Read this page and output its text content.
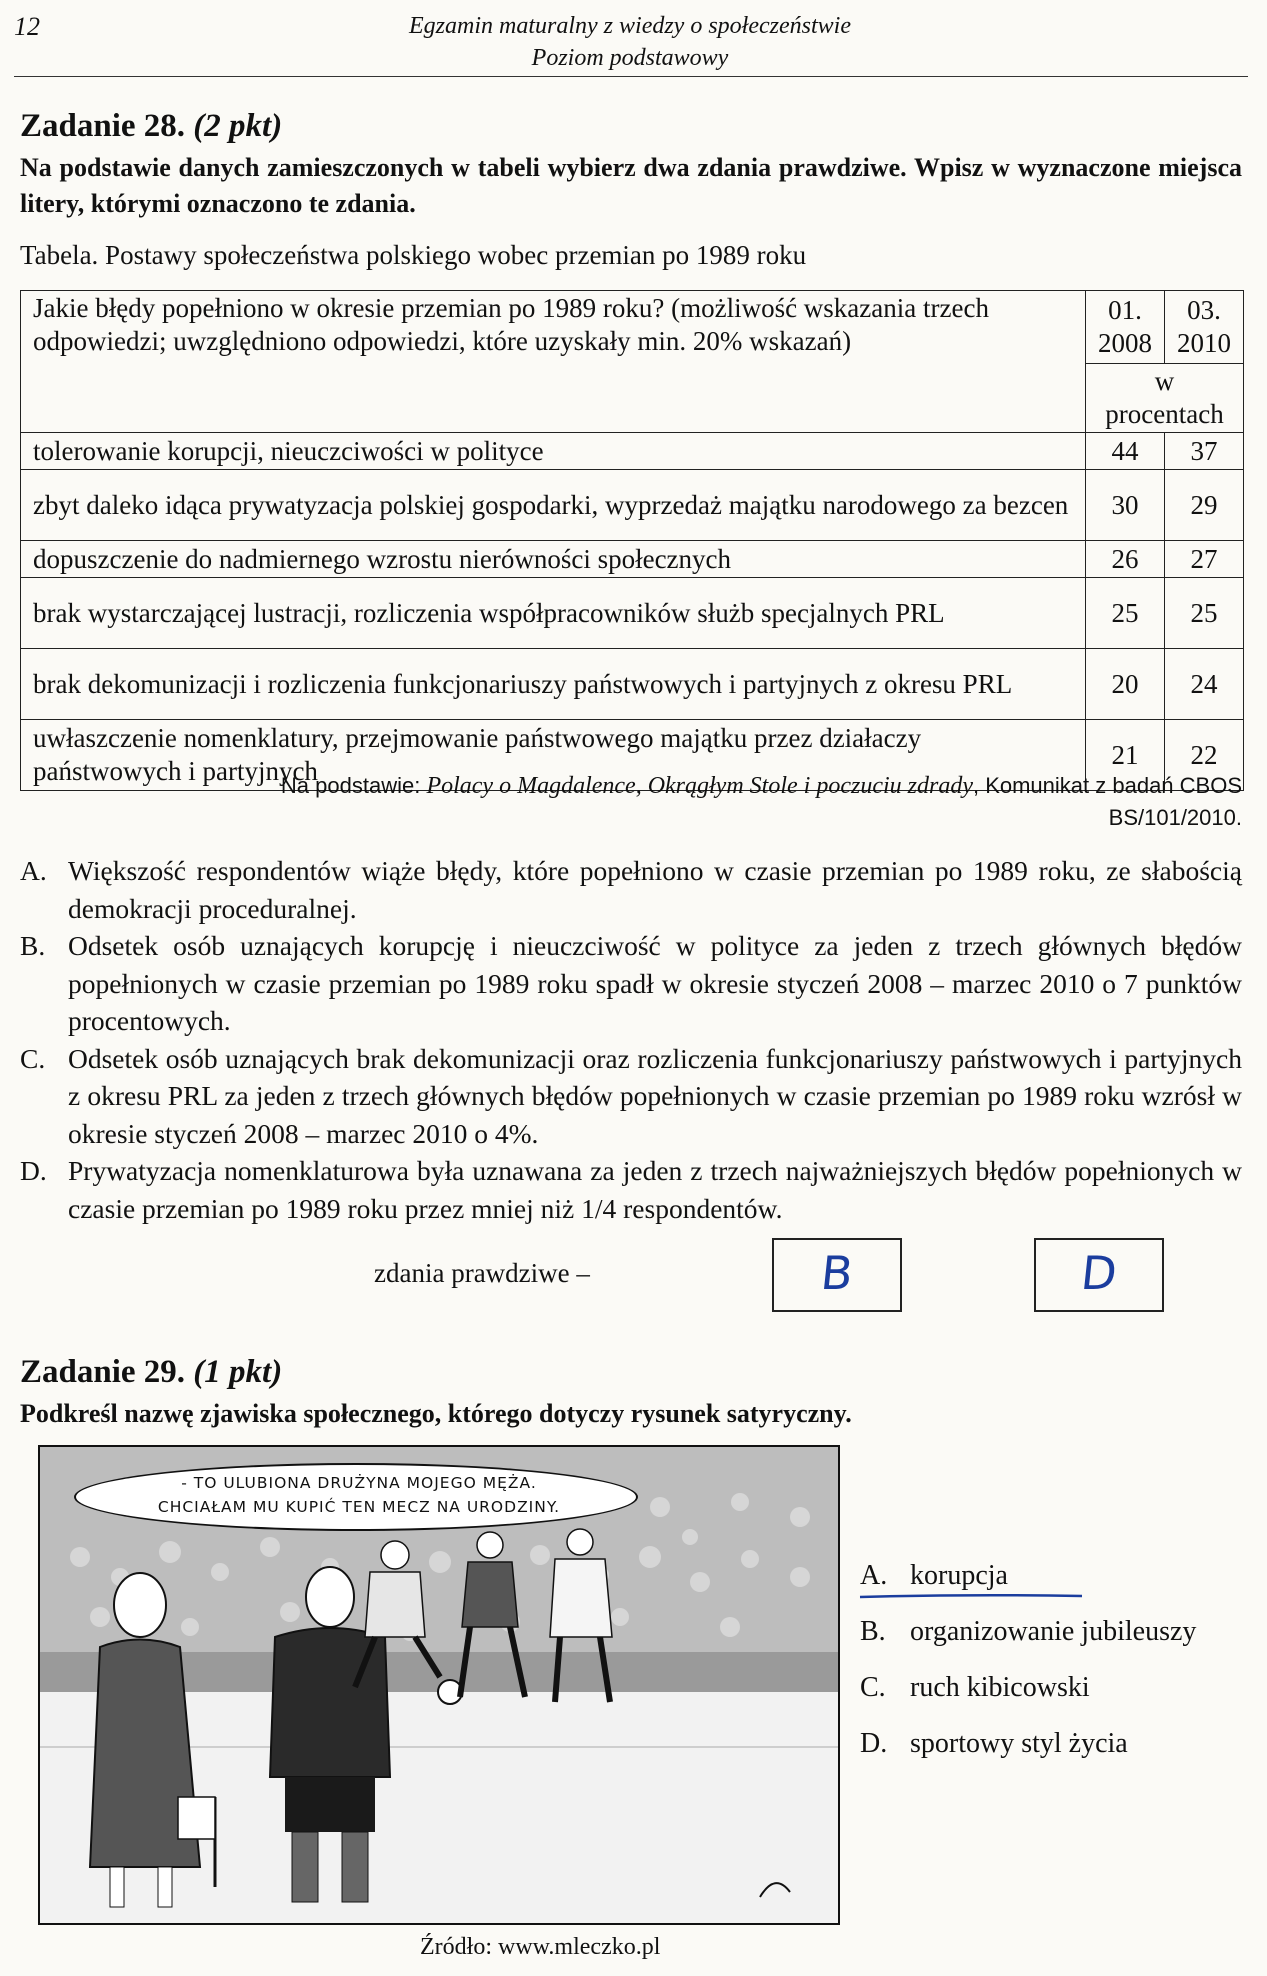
12	Egzamin maturalny z wiedzy o społeczeństwie
Poziom podstawowy
Zadanie 28. (2 pkt)
Na podstawie danych zamieszczonych w tabeli wybierz dwa zdania prawdziwe. Wpisz w wyznaczone miejsca litery, którymi oznaczono te zdania.
Tabela. Postawy społeczeństwa polskiego wobec przemian po 1989 roku
Jakie błędy popełniono w okresie przemian po 1989 roku? (możliwość wskazania trzech odpowiedzi; uwzględniono odpowiedzi, które uzyskały min. 20% wskazań)	01. 2008	03. 2010
	w procentach	
tolerowanie korupcji, nieuczciwości w polityce	44	37
zbyt daleko idąca prywatyzacja polskiej gospodarki, wyprzedaż majątku narodowego za bezcen	30	29
dopuszczenie do nadmiernego wzrostu nierówności społecznych	26	27
brak wystarczającej lustracji, rozliczenia współpracowników służb specjalnych PRL	25	25
brak dekomunizacji i rozliczenia funkcjonariuszy państwowych i partyjnych z okresu PRL	20	24
uwłaszczenie nomenklatury, przejmowanie państwowego majątku przez działaczy państwowych i partyjnych	21	22
Na podstawie: Polacy o Magdalence, Okrągłym Stole i poczuciu zdrady, Komunikat z badań CBOS BS/101/2010.
A. Większość respondentów wiąże błędy, które popełniono w czasie przemian po 1989 roku, ze słabością demokracji proceduralnej.
B. Odsetek osób uznających korupcję i nieuczciwość w polityce za jeden z trzech głównych błędów popełnionych w czasie przemian po 1989 roku spadł w okresie styczeń 2008 – marzec 2010 o 7 punktów procentowych.
C. Odsetek osób uznających brak dekomunizacji oraz rozliczenia funkcjonariuszy państwowych i partyjnych z okresu PRL za jeden z trzech głównych błędów popełnionych w czasie przemian po 1989 roku wzrósł w okresie styczeń 2008 – marzec 2010 o 4%.
D. Prywatyzacja nomenklaturowa była uznawana za jeden z trzech najważniejszych błędów popełnionych w czasie przemian po 1989 roku przez mniej niż 1/4 respondentów.
zdania prawdziwe –	B	D
Zadanie 29. (1 pkt)
Podkreśl nazwę zjawiska społecznego, którego dotyczy rysunek satyryczny.
- TO ULUBIONA DRUŻYNA MOJEGO MĘŻA.
CHCIAŁAM MU KUPIĆ TEN MECZ NA URODZINY.
Źródło: www.mleczko.pl
A. korupcja
B. organizowanie jubileuszy
C. ruch kibicowski
D. sportowy styl życia
